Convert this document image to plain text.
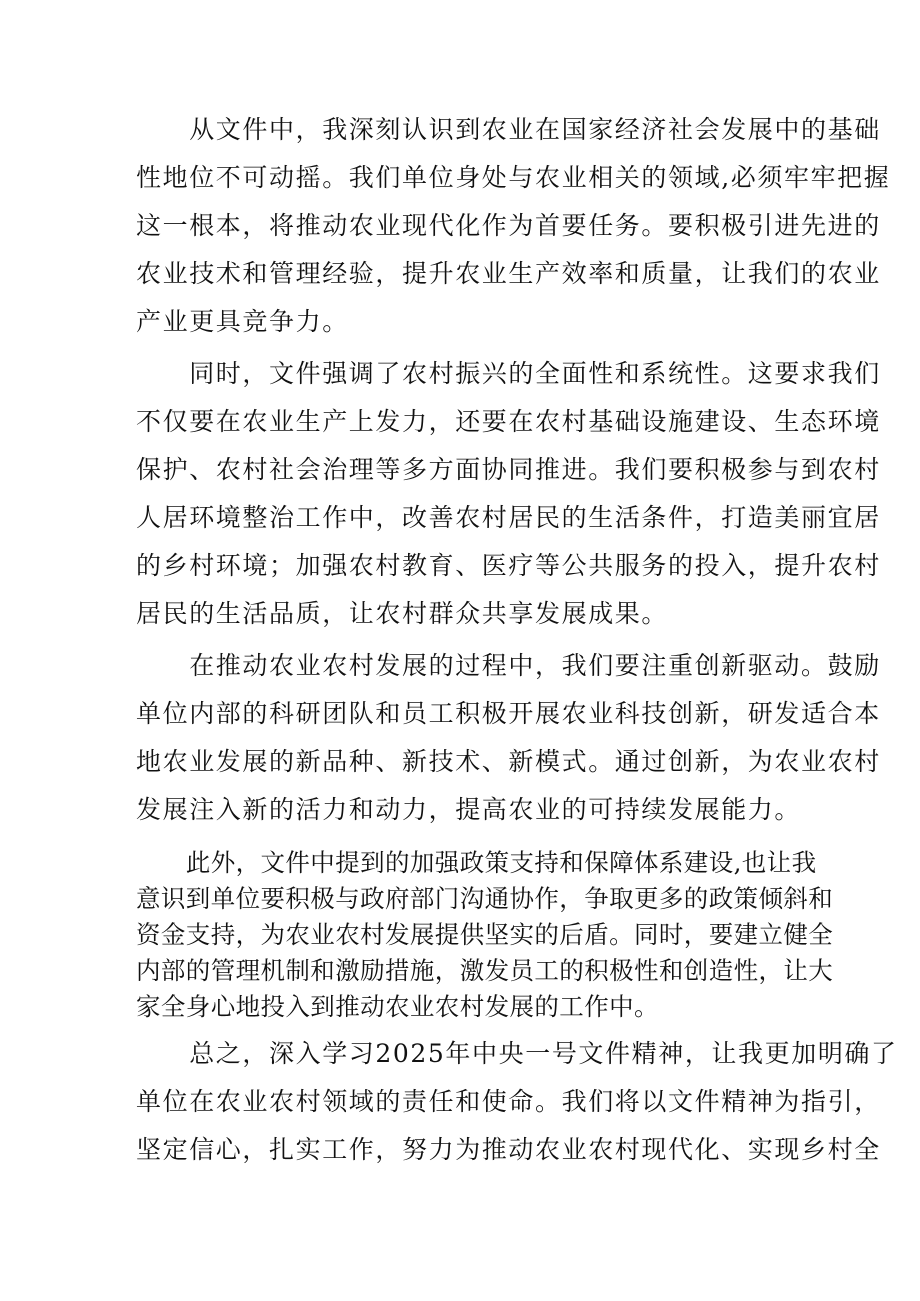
　　从文件中，我深刻认识到农业在国家经济社会发展中的基础
性地位不可动摇。我们单位身处与农业相关的领域,必须牢牢把握
这一根本，将推动农业现代化作为首要任务。要积极引进先进的
农业技术和管理经验，提升农业生产效率和质量，让我们的农业
产业更具竞争力。
　　同时，文件强调了农村振兴的全面性和系统性。这要求我们
不仅要在农业生产上发力，还要在农村基础设施建设、生态环境
保护、农村社会治理等多方面协同推进。我们要积极参与到农村
人居环境整治工作中，改善农村居民的生活条件，打造美丽宜居
的乡村环境；加强农村教育、医疗等公共服务的投入，提升农村
居民的生活品质，让农村群众共享发展成果。
　　在推动农业农村发展的过程中，我们要注重创新驱动。鼓励
单位内部的科研团队和员工积极开展农业科技创新，研发适合本
地农业发展的新品种、新技术、新模式。通过创新，为农业农村
发展注入新的活力和动力，提高农业的可持续发展能力。
　　此外，文件中提到的加强政策支持和保障体系建设,也让我
意识到单位要积极与政府部门沟通协作，争取更多的政策倾斜和
资金支持，为农业农村发展提供坚实的后盾。同时，要建立健全
内部的管理机制和激励措施，激发员工的积极性和创造性，让大
家全身心地投入到推动农业农村发展的工作中。
　　总之，深入学习2025年中央一号文件精神，让我更加明确了
单位在农业农村领域的责任和使命。我们将以文件精神为指引，
坚定信心，扎实工作，努力为推动农业农村现代化、实现乡村全
